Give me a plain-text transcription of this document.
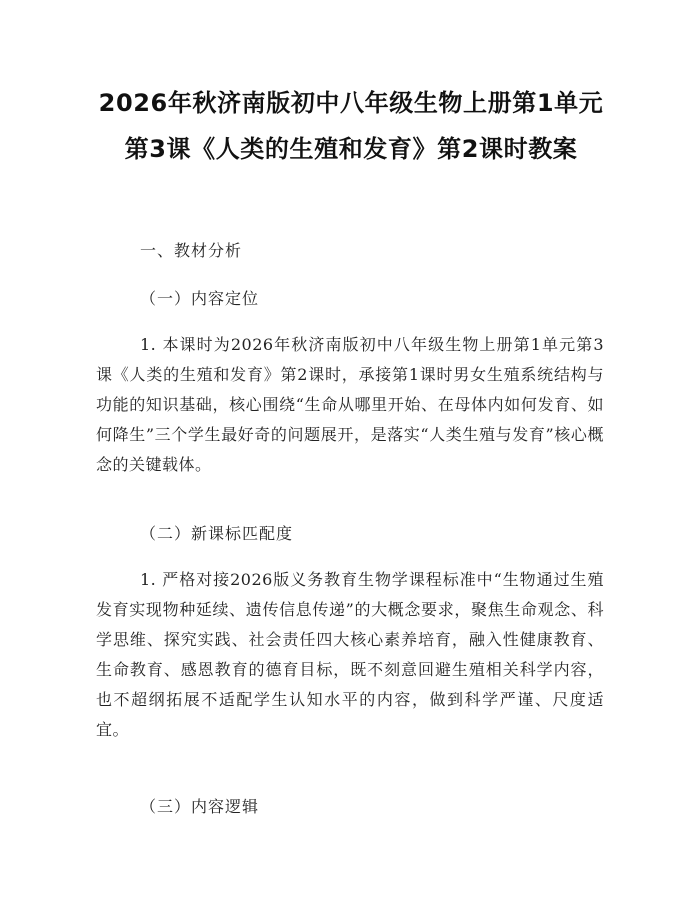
2026年秋济南版初中八年级生物上册第1单元第3课《人类的生殖和发育》第2课时教案

一、教材分析

（一）内容定位

1. 本课时为2026年秋济南版初中八年级生物上册第1单元第3课《人类的生殖和发育》第2课时，承接第1课时男女生殖系统结构与功能的知识基础，核心围绕“生命从哪里开始、在母体内如何发育、如何降生”三个学生最好奇的问题展开，是落实“人类生殖与发育”核心概念的关键载体。

（二）新课标匹配度

1. 严格对接2026版义务教育生物学课程标准中“生物通过生殖发育实现物种延续、遗传信息传递”的大概念要求，聚焦生命观念、科学思维、探究实践、社会责任四大核心素养培育，融入性健康教育、生命教育、感恩教育的德育目标，既不刻意回避生殖相关科学内容，也不超纲拓展不适配学生认知水平的内容，做到科学严谨、尺度适宜。

（三）内容逻辑
